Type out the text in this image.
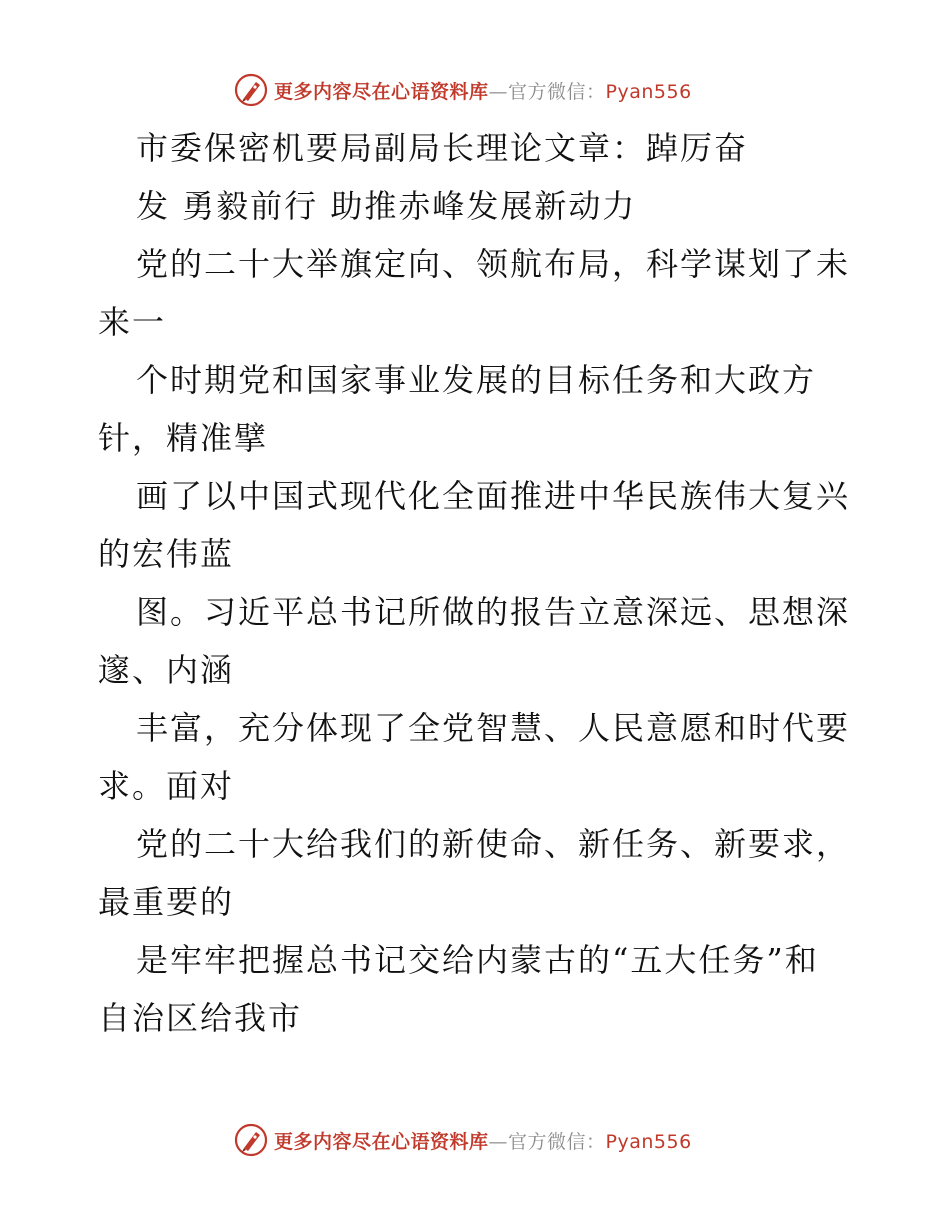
更多内容尽在心语资料库—官方微信：Pyan556
市委保密机要局副局长理论文章：踔厉奋
发 勇毅前行 助推赤峰发展新动力
党的二十大举旗定向、领航布局，科学谋划了未
来一
个时期党和国家事业发展的目标任务和大政方
针，精准擘
画了以中国式现代化全面推进中华民族伟大复兴
的宏伟蓝
图。习近平总书记所做的报告立意深远、思想深
邃、内涵
丰富，充分体现了全党智慧、人民意愿和时代要
求。面对
党的二十大给我们的新使命、新任务、新要求，
最重要的
是牢牢把握总书记交给内蒙古的“五大任务”和
自治区给我市
更多内容尽在心语资料库—官方微信：Pyan556
